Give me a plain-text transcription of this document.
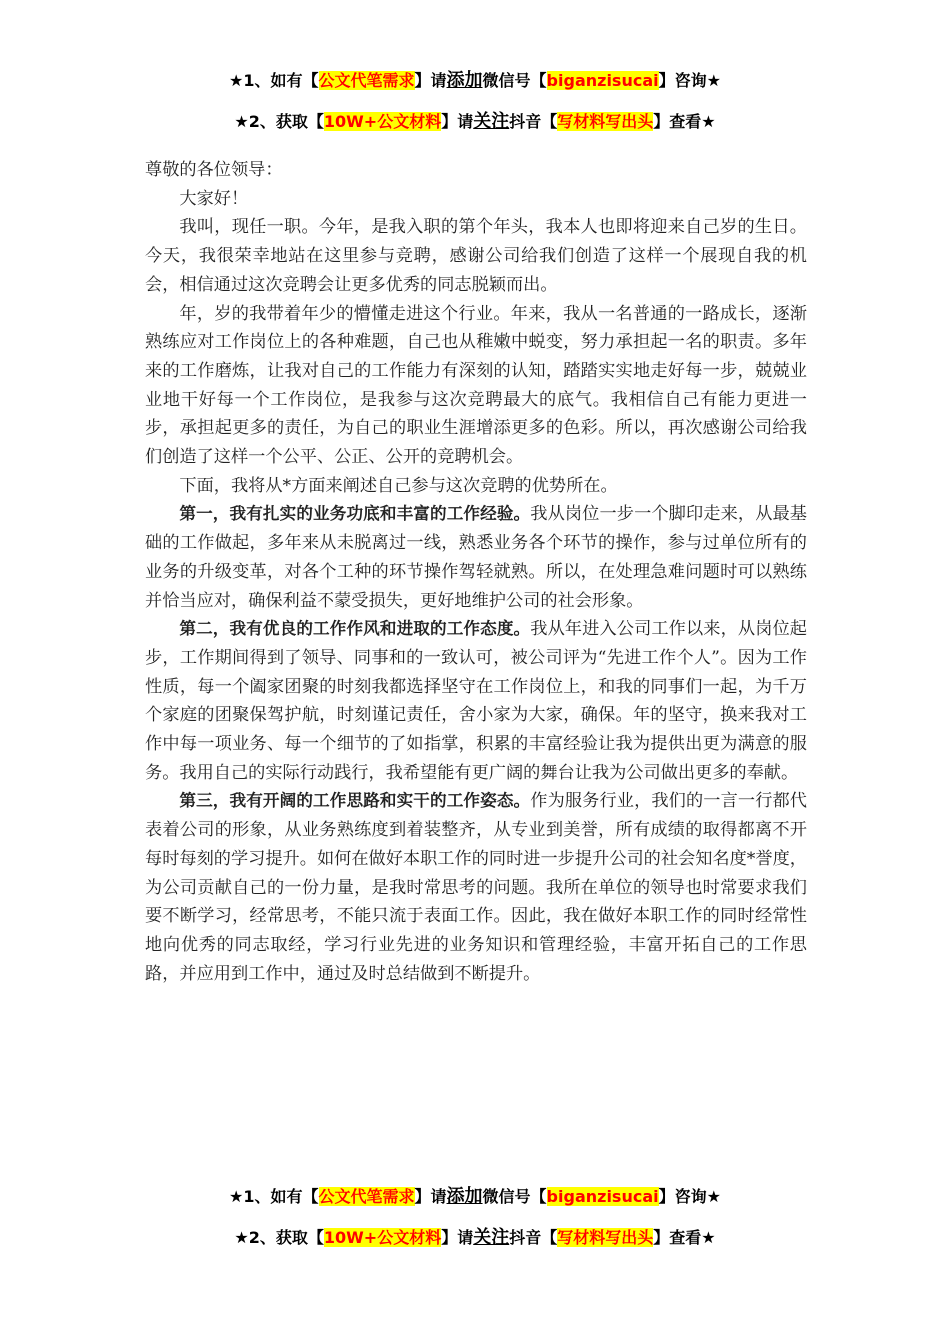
★1、如有【公文代笔需求】请添加微信号【biganzisucai】咨询★
★2、获取【10W+公文材料】请关注抖音【写材料写出头】查看★

尊敬的各位领导：

大家好！

我叫，现任一职。今年，是我入职的第个年头，我本人也即将迎来自己岁的生日。今天，我很荣幸地站在这里参与竞聘，感谢公司给我们创造了这样一个展现自我的机会，相信通过这次竞聘会让更多优秀的同志脱颖而出。

年，岁的我带着年少的懵懂走进这个行业。年来，我从一名普通的一路成长，逐渐熟练应对工作岗位上的各种难题，自己也从稚嫩中蜕变，努力承担起一名的职责。多年来的工作磨炼，让我对自己的工作能力有深刻的认知，踏踏实实地走好每一步，兢兢业业地干好每一个工作岗位，是我参与这次竞聘最大的底气。我相信自己有能力更进一步，承担起更多的责任，为自己的职业生涯增添更多的色彩。所以，再次感谢公司给我们创造了这样一个公平、公正、公开的竞聘机会。

下面，我将从*方面来阐述自己参与这次竞聘的优势所在。

第一，我有扎实的业务功底和丰富的工作经验。我从岗位一步一个脚印走来，从最基础的工作做起，多年来从未脱离过一线，熟悉业务各个环节的操作，参与过单位所有的业务的升级变革，对各个工种的环节操作驾轻就熟。所以，在处理急难问题时可以熟练并恰当应对，确保利益不蒙受损失，更好地维护公司的社会形象。

第二，我有优良的工作作风和进取的工作态度。我从年进入公司工作以来，从岗位起步，工作期间得到了领导、同事和的一致认可，被公司评为“先进工作个人”。因为工作性质，每一个阖家团聚的时刻我都选择坚守在工作岗位上，和我的同事们一起，为千万个家庭的团聚保驾护航，时刻谨记责任，舍小家为大家，确保。年的坚守，换来我对工作中每一项业务、每一个细节的了如指掌，积累的丰富经验让我为提供出更为满意的服务。我用自己的实际行动践行，我希望能有更广阔的舞台让我为公司做出更多的奉献。

第三，我有开阔的工作思路和实干的工作姿态。作为服务行业，我们的一言一行都代表着公司的形象，从业务熟练度到着装整齐，从专业到美誉，所有成绩的取得都离不开每时每刻的学习提升。如何在做好本职工作的同时进一步提升公司的社会知名度*誉度，为公司贡献自己的一份力量，是我时常思考的问题。我所在单位的领导也时常要求我们要不断学习，经常思考，不能只流于表面工作。因此，我在做好本职工作的同时经常性地向优秀的同志取经，学习行业先进的业务知识和管理经验，丰富开拓自己的工作思路，并应用到工作中，通过及时总结做到不断提升。

★1、如有【公文代笔需求】请添加微信号【biganzisucai】咨询★
★2、获取【10W+公文材料】请关注抖音【写材料写出头】查看★
